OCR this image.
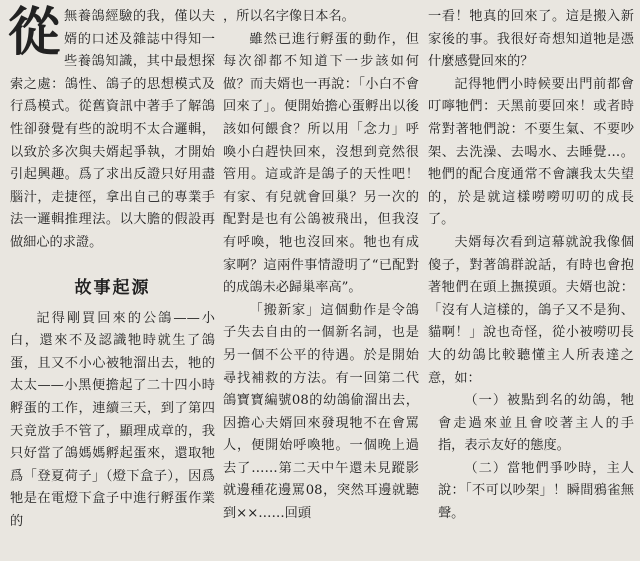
從 無養鴿經驗的我，僅以夫婿的口述及雜誌中得知一些養鴿知識，其中最想探索之處：鴿性、鴿子的思想模式及行爲模式。從舊資訊中著手了解鴿性卻發覺有些的說明不太合邏輯，以致於多次與夫婿起爭執，才開始引起興趣。爲了求出反證只好用盡腦汁，走捷徑，拿出自己的專業手法一邏輯推理法。以大膽的假設再做細心的求證。

故事起源

記得剛買回來的公鴿——小白，還來不及認識牠時就生了鴿蛋，且又不小心被牠溜出去，牠的太太——小黑便擔起了二十四小時孵蛋的工作，連續三天，到了第四天竟放手不管了，顯理成章的，我只好當了鴿媽媽孵起蛋來，還取牠爲「登夏荷子」（燈下盒子），因爲牠是在電燈下盒子中進行孵蛋作業的

，所以名字像日本名。

雖然已進行孵蛋的動作，但每次卻都不知道下一步該如何做？而夫婿也一再說：「小白不會回來了」。便開始擔心蛋孵出以後該如何餵食？所以用「念力」呼喚小白趕快回來，沒想到竟然很管用。這或許是鴿子的天性吧！有家、有兒就會回巢？另一次的配對是也有公鴿被飛出，但我沒有呼喚，牠也沒回來。牠也有成家啊？這兩件事情證明了“已配對的成鴿未必歸巢率高”。

「搬新家」這個動作是令鴿子失去自由的一個新名詞，也是另一個不公平的待遇。於是開始尋找補救的方法。有一回第二代鴿寶寶編號08的幼鴿偷溜出去，因擔心夫婿回來發現牠不在會罵人，便開始呼喚牠。一個晚上過去了……第二天中午還未見蹤影就邊種花邊罵08，突然耳邊就聽到××……回頭

一看！牠真的回來了。這是搬入新家後的事。我很好奇想知道牠是憑什麼感覺回來的？

記得牠們小時候要出門前都會叮嚀牠們：天黑前要回來！或者時常對著牠們說：不要生氣、不要吵架、去洗澡、去喝水、去睡覺…。牠們的配合度通常不會讓我太失望的，於是就這樣嘮嘮叨叨的成長了。

夫婿每次看到這幕就說我像個傻子，對著鴿群說話，有時也會抱著牠們在頭上撫摸頭。夫婿也說：「沒有人這樣的，鴿子又不是狗、貓啊！」說也奇怪，從小被嘮叨長大的幼鴿比較聽懂主人所表達之意，如：

（一）被點到名的幼鴿，牠會走過來並且會咬著主人的手指，表示友好的態度。

（二）當牠們爭吵時，主人說：「不可以吵架」！瞬間鴉雀無聲。
